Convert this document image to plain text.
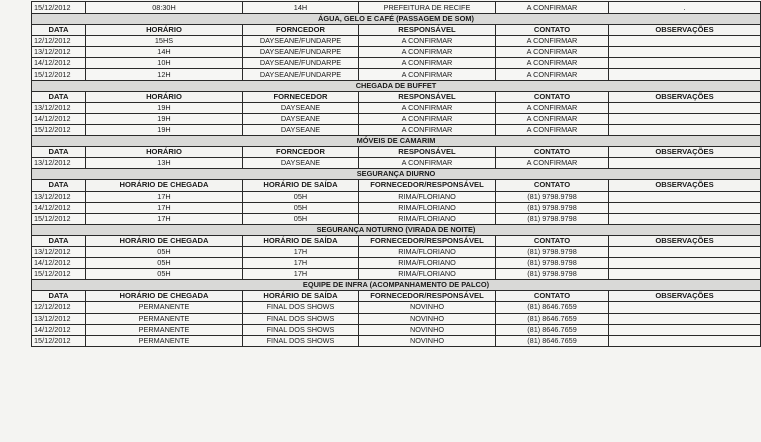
15/12/2012	08:30H	14H	PREFEITURA DE RECIFE	A CONFIRMAR	.
ÁGUA, GELO E CAFÉ (PASSAGEM DE SOM)					
DATA	HORÁRIO	FORNCEDOR	RESPONSÁVEL	CONTATO	OBSERVAÇÕES
12/12/2012	15HS	DAYSEANE/FUNDARPE	A CONFIRMAR	A CONFIRMAR	
13/12/2012	14H	DAYSEANE/FUNDARPE	A CONFIRMAR	A CONFIRMAR	
14/12/2012	10H	DAYSEANE/FUNDARPE	A CONFIRMAR	A CONFIRMAR	
15/12/2012	12H	DAYSEANE/FUNDARPE	A CONFIRMAR	A CONFIRMAR	
CHEGADA DE BUFFET					
DATA	HORÁRIO	FORNECEDOR	RESPONSÁVEL	CONTATO	OBSERVAÇÕES
13/12/2012	19H	DAYSEANE	A CONFIRMAR	A CONFIRMAR	
14/12/2012	19H	DAYSEANE	A CONFIRMAR	A CONFIRMAR	
15/12/2012	19H	DAYSEANE	A CONFIRMAR	A CONFIRMAR	
MÓVEIS DE CAMARIM					
DATA	HORÁRIO	FORNCEDOR	RESPONSÁVEL	CONTATO	OBSERVAÇÕES
13/12/2012	13H	DAYSEANE	A CONFIRMAR	A CONFIRMAR	
SEGURANÇA DIURNO					
DATA	HORÁRIO DE CHEGADA	HORÁRIO DE SAÍDA	FORNECEDOR/RESPONSÁVEL	CONTATO	OBSERVAÇÕES
13/12/2012	17H	05H	RIMA/FLORIANO	(81) 9798.9798	
14/12/2012	17H	05H	RIMA/FLORIANO	(81) 9798.9798	
15/12/2012	17H	05H	RIMA/FLORIANO	(81) 9798.9798	
SEGURANÇA NOTURNO (VIRADA DE NOITE)					
DATA	HORÁRIO DE CHEGADA	HORÁRIO DE SAÍDA	FORNECEDOR/RESPONSÁVEL	CONTATO	OBSERVAÇÕES
13/12/2012	05H	17H	RIMA/FLORIANO	(81) 9798.9798	
14/12/2012	05H	17H	RIMA/FLORIANO	(81) 9798.9798	
15/12/2012	05H	17H	RIMA/FLORIANO	(81) 9798.9798	
EQUIPE DE INFRA (ACOMPANHAMENTO DE PALCO)					
DATA	HORÁRIO DE CHEGADA	HORÁRIO DE SAÍDA	FORNECEDOR/RESPONSÁVEL	CONTATO	OBSERVAÇÕES
12/12/2012	PERMANENTE	FINAL DOS SHOWS	NOVINHO	(81) 8646.7659	
13/12/2012	PERMANENTE	FINAL DOS SHOWS	NOVINHO	(81) 8646.7659	
14/12/2012	PERMANENTE	FINAL DOS SHOWS	NOVINHO	(81) 8646.7659	
15/12/2012	PERMANENTE	FINAL DOS SHOWS	NOVINHO	(81) 8646.7659	
